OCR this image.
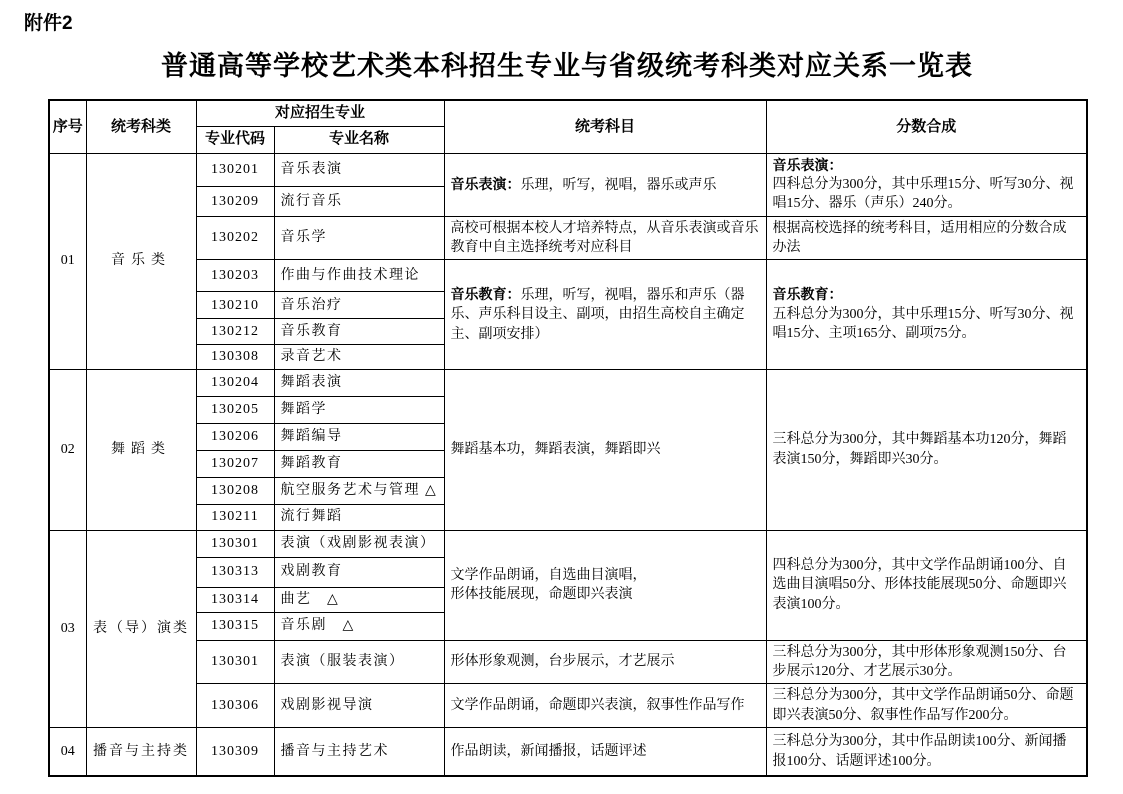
附件2
普通高等学校艺术类本科招生专业与省级统考科类对应关系一览表
序号	统考科类	对应招生专业		统考科目	分数合成
		专业代码	专业名称		
01	音乐类	130201	音乐表演	音乐表演：乐理，听写，视唱，器乐或声乐	音乐表演：
四科总分为300分，其中乐理15分、听写30分、视唱15分、器乐（声乐）240分。
		130209	流行音乐		
		130202	音乐学	高校可根据本校人才培养特点，从音乐表演或音乐教育中自主选择统考对应科目	根据高校选择的统考科目，适用相应的分数合成办法
		130203	作曲与作曲技术理论	音乐教育：乐理，听写，视唱，器乐和声乐（器乐、声乐科目设主、副项，由招生高校自主确定主、副项安排）	音乐教育：
五科总分为300分，其中乐理15分、听写30分、视唱15分、主项165分、副项75分。
		130210	音乐治疗		
		130212	音乐教育		
		130308	录音艺术		
02	舞蹈类	130204	舞蹈表演	舞蹈基本功，舞蹈表演，舞蹈即兴	三科总分为300分，其中舞蹈基本功120分，舞蹈表演150分，舞蹈即兴30分。
		130205	舞蹈学		
		130206	舞蹈编导		
		130207	舞蹈教育		
		130208	航空服务艺术与管理 △		
		130211	流行舞蹈		
03	表（导）演类	130301	表演（戏剧影视表演）	文学作品朗诵，自选曲目演唱，
形体技能展现，命题即兴表演	四科总分为300分，其中文学作品朗诵100分、自选曲目演唱50分、形体技能展现50分、命题即兴表演100分。
		130313	戏剧教育		
		130314	曲艺　△		
		130315	音乐剧　△		
		130301	表演（服装表演）	形体形象观测，台步展示，才艺展示	三科总分为300分，其中形体形象观测150分、台步展示120分、才艺展示30分。
		130306	戏剧影视导演	文学作品朗诵，命题即兴表演，叙事性作品写作	三科总分为300分，其中文学作品朗诵50分、命题即兴表演50分、叙事性作品写作200分。
04	播音与主持类	130309	播音与主持艺术	作品朗读，新闻播报，话题评述	三科总分为300分，其中作品朗读100分、新闻播报100分、话题评述100分。
